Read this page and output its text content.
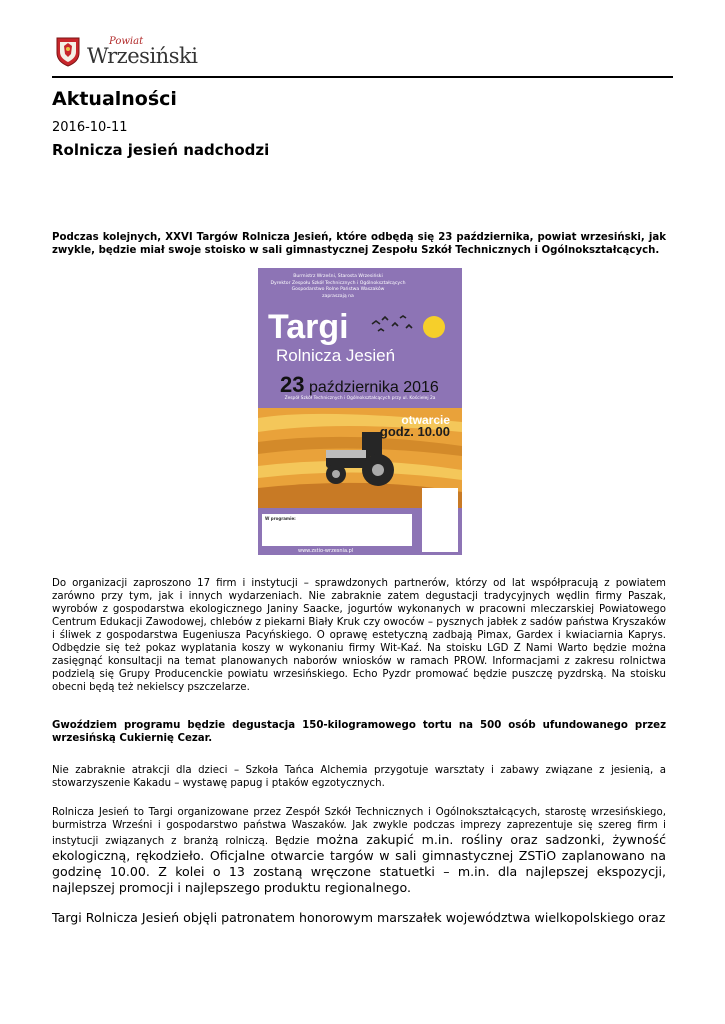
Powiat
Wrzesiński
Aktualności
2016-10-11
Rolnicza jesień nadchodzi

Podczas kolejnych, XXVI Targów Rolnicza Jesień, które odbędą się 23 października, powiat wrzesiński, jak zwykle, będzie miał swoje stoisko w sali gimnastycznej Zespołu Szkół Technicznych i Ogólnokształcących.

Burmistrz Wrześni, Starosta Wrzesiński
Dyrektor Zespołu Szkół Technicznych i Ogólnokształcących
Gospodarstwo Rolne Państwa Waszaków
zapraszają na
Targi
Rolnicza Jesień
23 października 2016
Zespół Szkół Technicznych i Ogólnokształcących przy ul. Kościelej 2a
otwarcie
godz. 10.00
W programie:
www.zstio-wrzesnia.pl

Do organizacji zaproszono 17 firm i instytucji – sprawdzonych partnerów, którzy od lat współpracują z powiatem zarówno przy tym, jak i innych wydarzeniach. Nie zabraknie zatem degustacji tradycyjnych wędlin firmy Paszak, wyrobów z gospodarstwa ekologicznego Janiny Saacke, jogurtów wykonanych w pracowni mleczarskiej Powiatowego Centrum Edukacji Zawodowej, chlebów z piekarni Biały Kruk czy owoców – pysznych jabłek z sadów państwa Kryszaków i śliwek z gospodarstwa Eugeniusza Pacyńskiego. O oprawę estetyczną zadbają Pimax, Gardex i kwiaciarnia Kaprys. Odbędzie się też pokaz wyplatania koszy w wykonaniu firmy Wit-Kaź. Na stoisku LGD Z Nami Warto będzie można zasięgnąć konsultacji na temat planowanych naborów wniosków w ramach PROW. Informacjami z zakresu rolnictwa podzielą się Grupy Producenckie powiatu wrzesińskiego. Echo Pyzdr promować będzie puszczę pyzdrską. Na stoisku obecni będą też nekielscy pszczelarze.

Gwoździem programu będzie degustacja 150-kilogramowego tortu na 500 osób ufundowanego przez wrzesińską Cukiernię Cezar.

Nie zabraknie atrakcji dla dzieci – Szkoła Tańca Alchemia przygotuje warsztaty i zabawy związane z jesienią, a stowarzyszenie Kakadu – wystawę papug i ptaków egzotycznych.

Rolnicza Jesień to Targi organizowane przez Zespół Szkół Technicznych i Ogólnokształcących, starostę wrzesińskiego, burmistrza Wrześni i gospodarstwo państwa Waszaków. Jak zwykle podczas imprezy zaprezentuje się szereg firm i instytucji związanych z branżą rolniczą. Będzie można zakupić m.in. rośliny oraz sadzonki, żywność ekologiczną, rękodzieło. Oficjalne otwarcie targów w sali gimnastycznej ZSTiO zaplanowano na godzinę 10.00. Z kolei o 13 zostaną wręczone statuetki – m.in. dla najlepszej ekspozycji, najlepszej promocji i najlepszego produktu regionalnego.

Targi Rolnicza Jesień objęli patronatem honorowym marszałek województwa wielkopolskiego oraz
